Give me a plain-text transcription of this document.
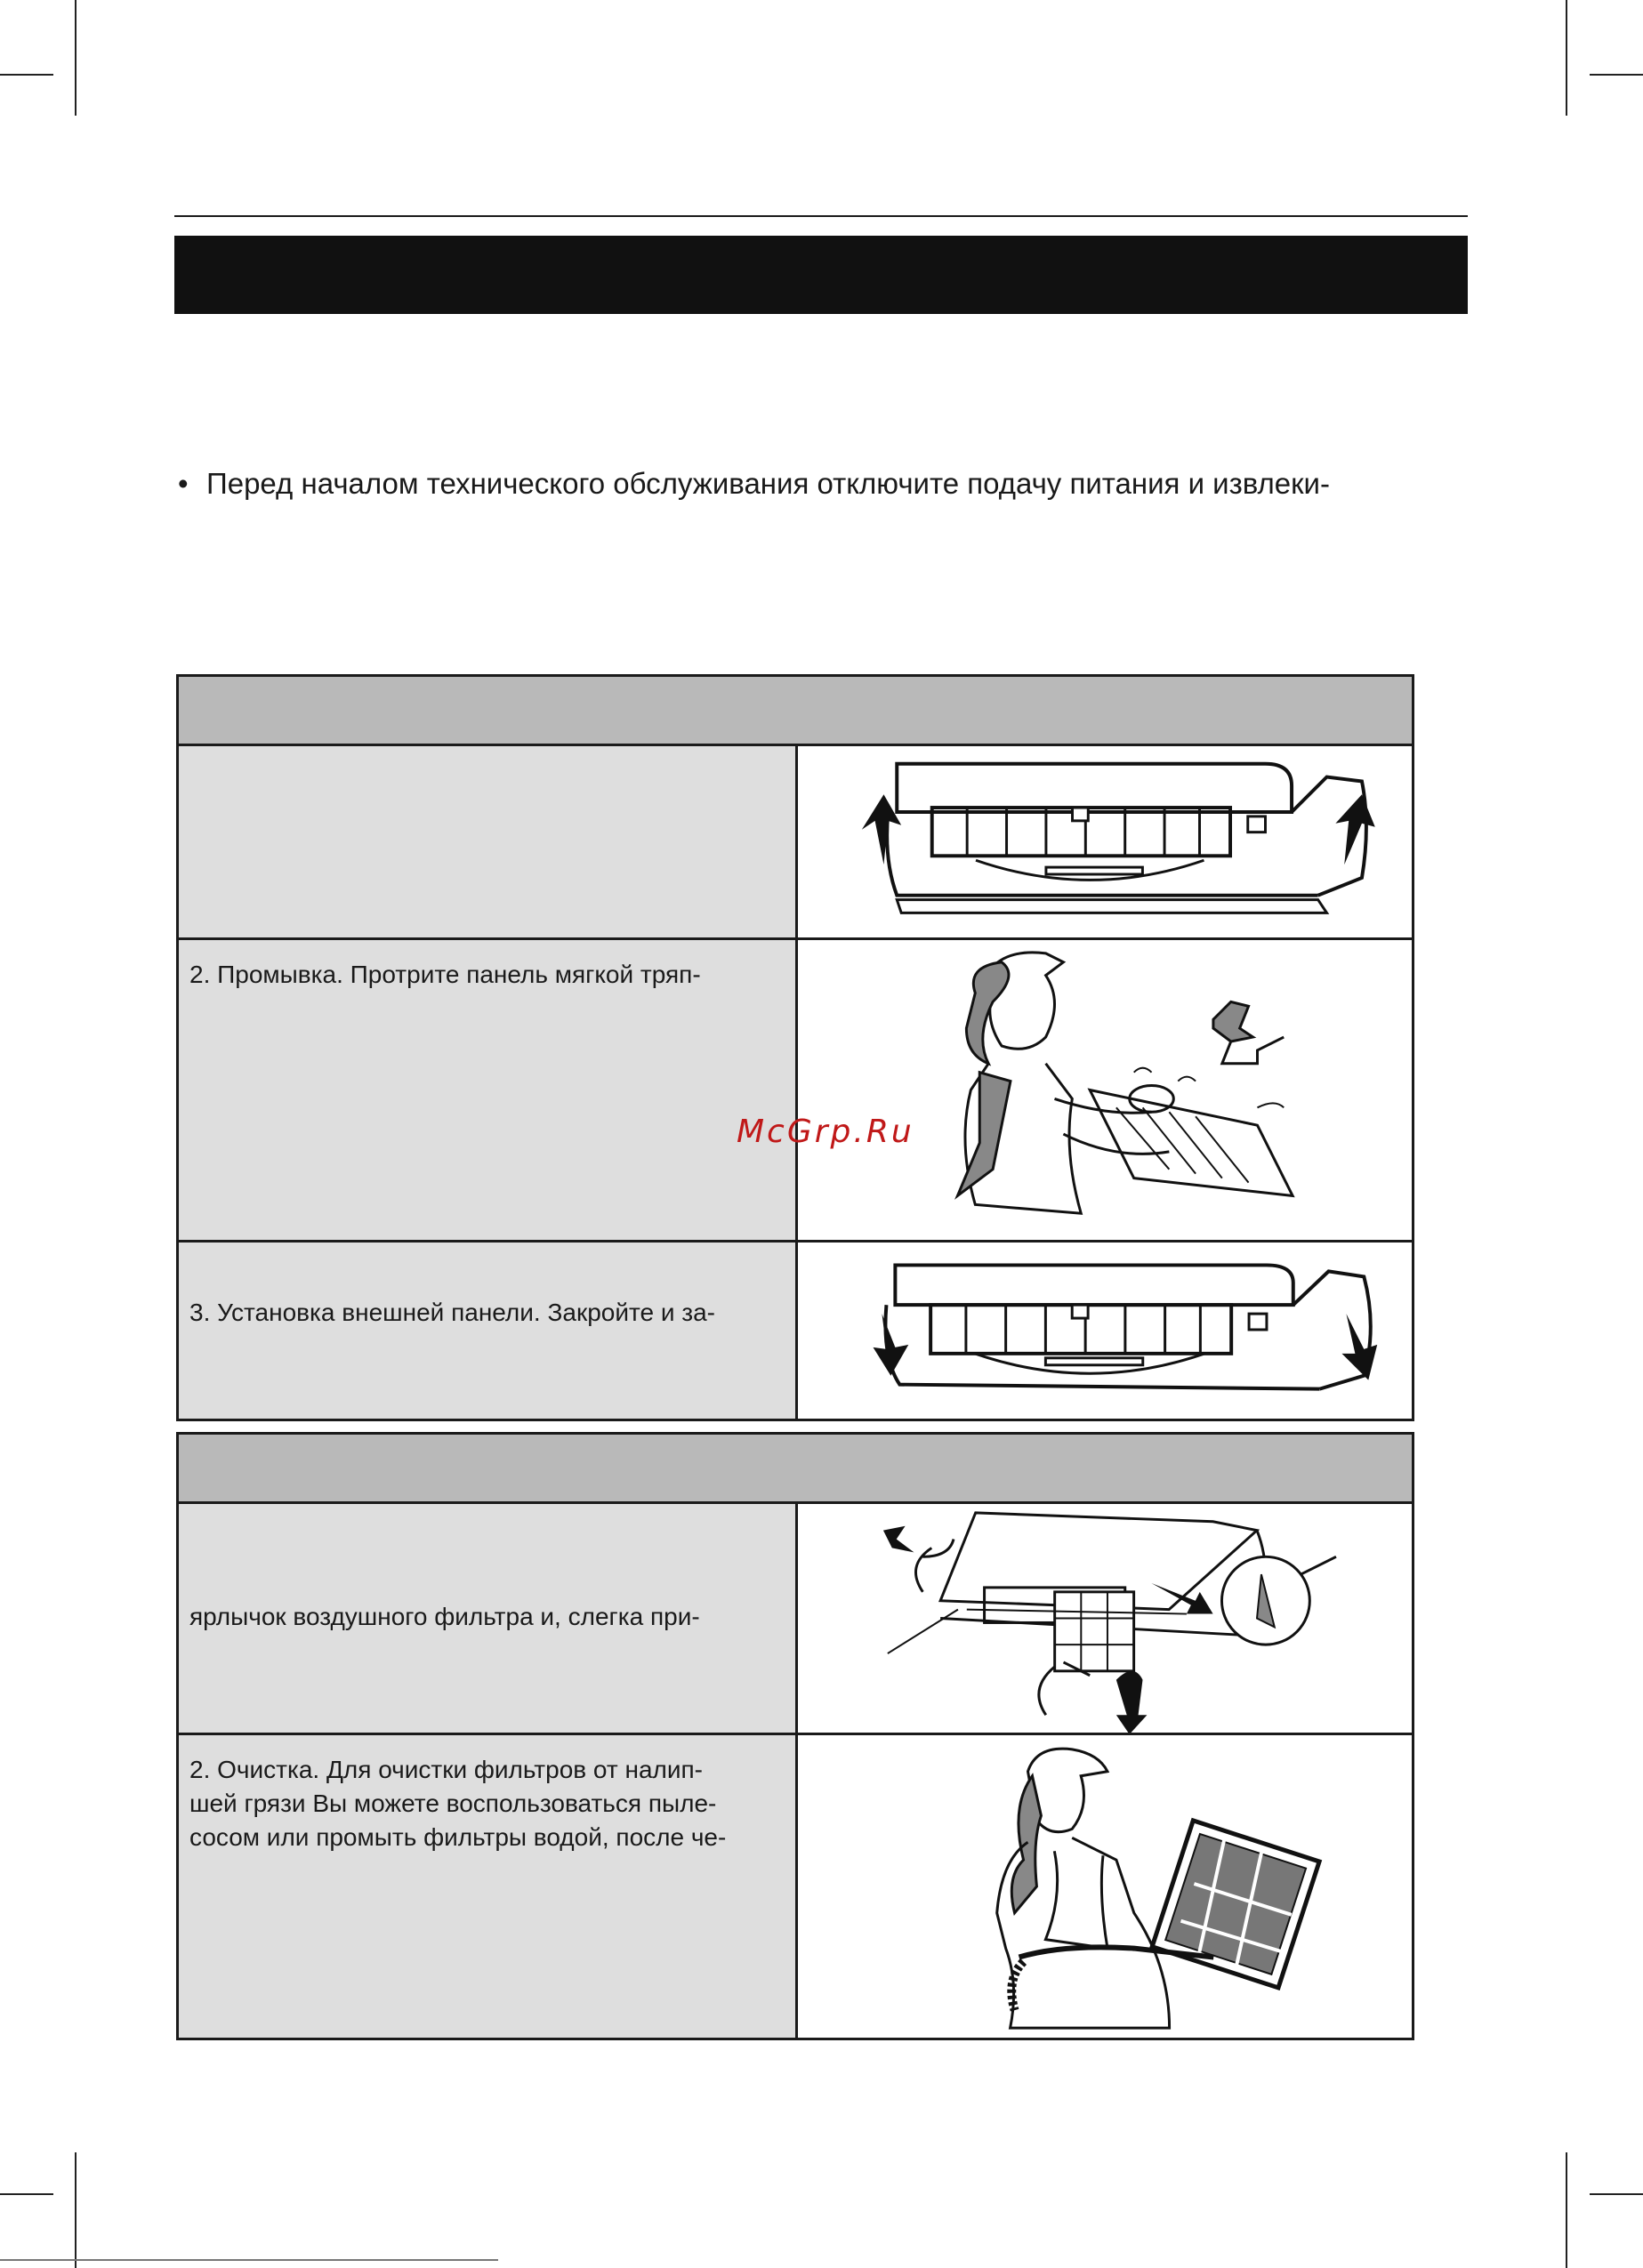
• Перед началом технического обслуживания отключите подачу питания и извлеки-
2. Промывка. Протрите панель мягкой тряп-
3. Установка внешней панели. Закройте и за-
McGrp.Ru
ярлычок воздушного фильтра и, слегка при-
2. Очистка. Для очистки фильтров от налип-
шей грязи Вы можете воспользоваться пыле-
сосом или промыть фильтры водой, после че-
